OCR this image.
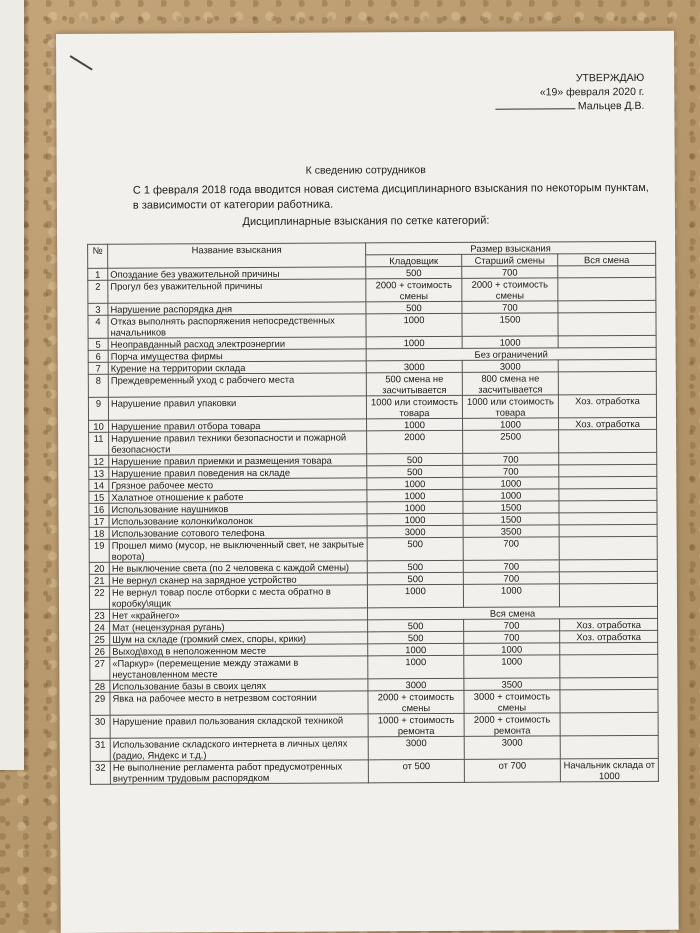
УТВЕРЖДАЮ
«19» февраля 2020 г.
Мальцев Д.В.
К сведению сотрудников
С 1 февраля 2018 года вводится новая система дисциплинарного взыскания по некоторым пунктам, в зависимости от категории работника.
Дисциплинарные взыскания по сетке категорий:
№	Название взыскания	Размер взыскания		
		Кладовщик	Старший смены	Вся смена
1	Опоздание без уважительной причины	500	700	
2	Прогул без уважительной причины	2000 + стоимость смены	2000 + стоимость смены	
3	Нарушение распорядка дня	500	700	
4	Отказ выполнять распоряжения непосредственных начальников	1000	1500	
5	Неоправданный расход электроэнергии	1000	1000	
6	Порча имущества фирмы	Без ограничений		
7	Курение на территории склада	3000	3000	
8	Преждевременный уход с рабочего места	500 смена не засчитывается	800 смена не засчитывается	
9	Нарушение правил упаковки	1000 или стоимость товара	1000 или стоимость товара	Хоз. отработка
10	Нарушение правил отбора товара	1000	1000	Хоз. отработка
11	Нарушение правил техники безопасности и пожарной безопасности	2000	2500	
12	Нарушение правил приемки и размещения товара	500	700	
13	Нарушение правил поведения на складе	500	700	
14	Грязное рабочее место	1000	1000	
15	Халатное отношение к работе	1000	1000	
16	Использование наушников	1000	1500	
17	Использование колонки\колонок	1000	1500	
18	Использование сотового телефона	3000	3500	
19	Прошел мимо (мусор, не выключенный свет, не закрытые ворота)	500	700	
20	Не выключение света (по 2 человека с каждой смены)	500	700	
21	Не вернул сканер на зарядное устройство	500	700	
22	Не вернул товар после отборки с места обратно в коробку\ящик	1000	1000	
23	Нет «крайнего»	Вся смена		
24	Мат (нецензурная ругань)	500	700	Хоз. отработка
25	Шум на складе (громкий смех, споры, крики)	500	700	Хоз. отработка
26	Выход\вход в неположенном месте	1000	1000	
27	«Паркур» (перемещение между этажами в неустановленном месте	1000	1000	
28	Использование базы в своих целях	3000	3500	
29	Явка на рабочее место в нетрезвом состоянии	2000 + стоимость смены	3000 + стоимость смены	
30	Нарушение правил пользования складской техникой	1000 + стоимость ремонта	2000 + стоимость ремонта	
31	Использование складского интернета в личных целях (радио, Яндекс и т.д.)	3000	3000	
32	Не выполнение регламента работ предусмотренных внутренним трудовым распорядком	от 500	от 700	Начальник склада от 1000
